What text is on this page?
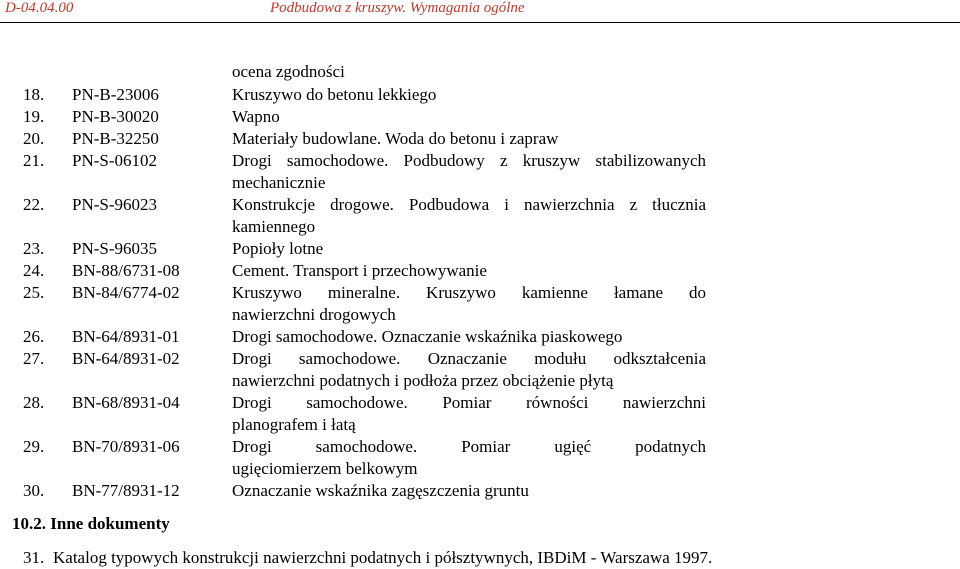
D-04.04.00	Podbudowa z kruszyw. Wymagania ogólne
ocena zgodności
18. PN-B-23006	Kruszywo do betonu lekkiego
19. PN-B-30020	Wapno
20. PN-B-32250	Materiały budowlane. Woda do betonu i zapraw
21. PN-S-06102	Drogi samochodowe. Podbudowy z kruszyw stabilizowanych
mechanicznie
22. PN-S-96023	Konstrukcje drogowe. Podbudowa i nawierzchnia z tłucznia
kamiennego
23. PN-S-96035	Popioły lotne
24. BN-88/6731-08	Cement. Transport i przechowywanie
25. BN-84/6774-02	Kruszywo mineralne. Kruszywo kamienne łamane do
nawierzchni drogowych
26. BN-64/8931-01	Drogi samochodowe. Oznaczanie wskaźnika piaskowego
27. BN-64/8931-02	Drogi samochodowe. Oznaczanie modułu odkształcenia
nawierzchni podatnych i podłoża przez obciążenie płytą
28. BN-68/8931-04	Drogi samochodowe. Pomiar równości nawierzchni
planografem i łatą
29. BN-70/8931-06	Drogi samochodowe. Pomiar ugięć podatnych
ugięciomierzem belkowym
30. BN-77/8931-12	Oznaczanie wskaźnika zagęszczenia gruntu
10.2. Inne dokumenty
31. Katalog typowych konstrukcji nawierzchni podatnych i półsztywnych, IBDiM - Warszawa 1997.
